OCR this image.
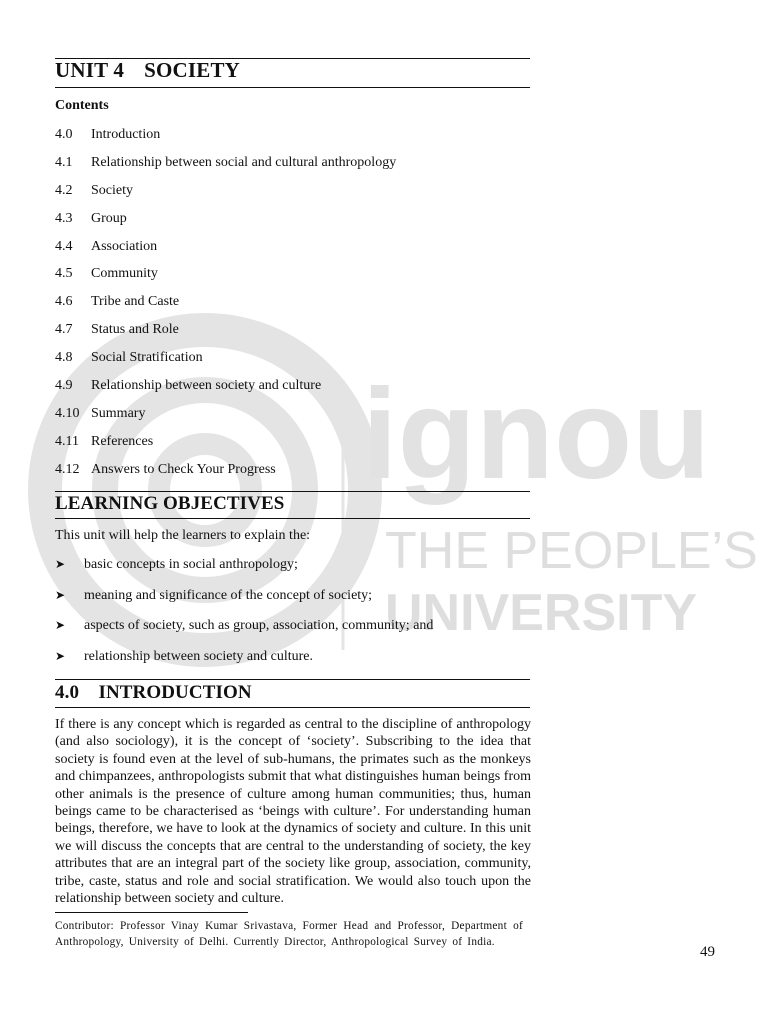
ignou
THE PEOPLE’S
UNIVERSITY
UNIT 4 SOCIETY
Contents
4.0 Introduction
4.1 Relationship between social and cultural anthropology
4.2 Society
4.3 Group
4.4 Association
4.5 Community
4.6 Tribe and Caste
4.7 Status and Role
4.8 Social Stratification
4.9 Relationship between society and culture
4.10 Summary
4.11 References
4.12 Answers to Check Your Progress
LEARNING OBJECTIVES
This unit will help the learners to explain the:
➤ basic concepts in social anthropology;
➤ meaning and significance of the concept of society;
➤ aspects of society, such as group, association, community; and
➤ relationship between society and culture.
4.0    INTRODUCTION

If there is any concept which is regarded as central to the discipline of anthropology (and also sociology), it is the concept of ‘society’. Subscribing to the idea that society is found even at the level of sub-humans, the primates such as the monkeys and chimpanzees, anthropologists submit that what distinguishes human beings from other animals is the presence of culture among human communities; thus, human beings came to be characterised as ‘beings with culture’. For understanding human beings, therefore, we have to look at the dynamics of society and culture. In this unit we will discuss the concepts that are central to the understanding of society, the key attributes that are an integral part of the society like group, association, community, tribe, caste, status and role and social stratification. We would also touch upon the relationship between society and culture.

Contributor: Professor Vinay Kumar Srivastava, Former Head and Professor, Department of Anthropology, University of Delhi. Currently Director, Anthropological Survey of India.

49
